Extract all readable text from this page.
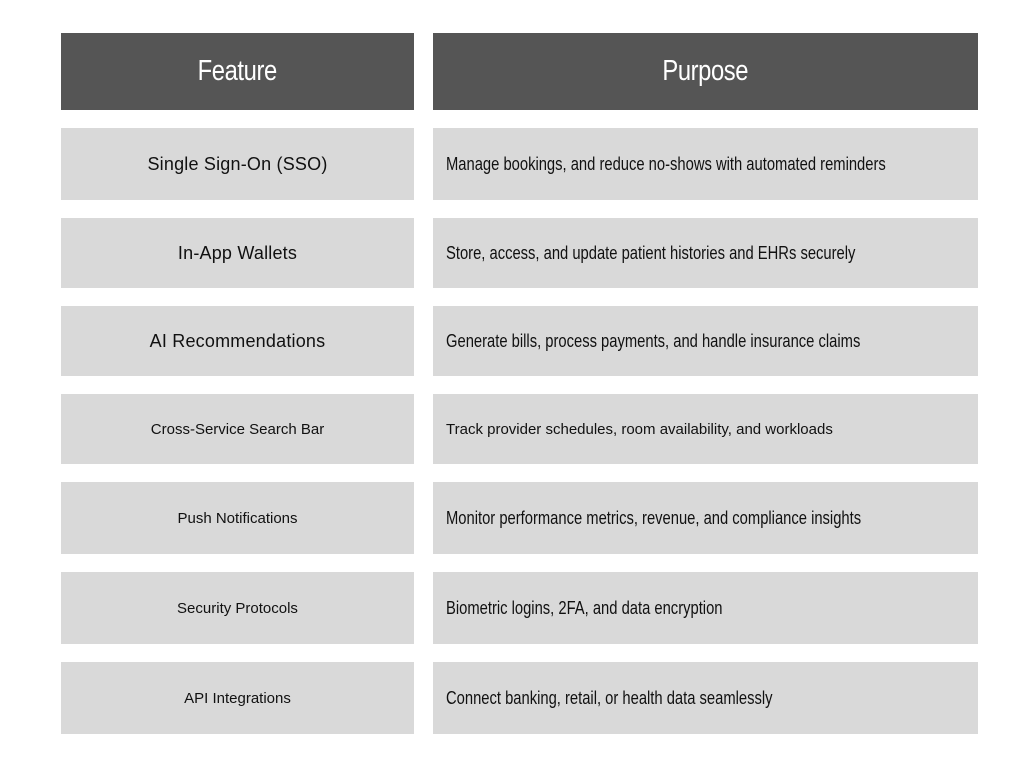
Feature	Purpose
Single Sign-On (SSO)	Manage bookings, and reduce no-shows with automated reminders
In-App Wallets	Store, access, and update patient histories and EHRs securely
AI Recommendations	Generate bills, process payments, and handle insurance claims
Cross-Service Search Bar	Track provider schedules, room availability, and workloads
Push Notifications	Monitor performance metrics, revenue, and compliance insights
Security Protocols	Biometric logins, 2FA, and data encryption
API Integrations	Connect banking, retail, or health data seamlessly
